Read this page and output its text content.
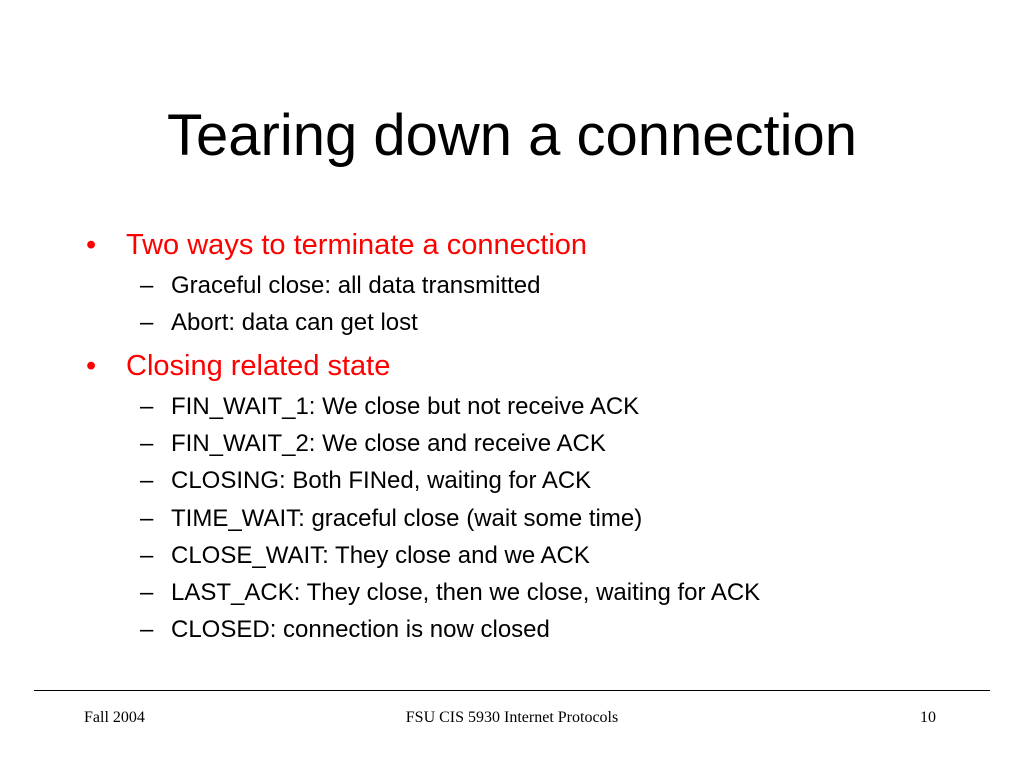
Tearing down a connection
• Two ways to terminate a connection
– Graceful close: all data transmitted
– Abort: data can get lost
• Closing related state
– FIN_WAIT_1: We close but not receive ACK
– FIN_WAIT_2: We close and receive ACK
– CLOSING: Both FINed, waiting for ACK
– TIME_WAIT: graceful close (wait some time)
– CLOSE_WAIT: They close and we ACK
– LAST_ACK: They close, then we close, waiting for ACK
– CLOSED: connection is now closed
Fall 2004	FSU CIS 5930 Internet Protocols	10
